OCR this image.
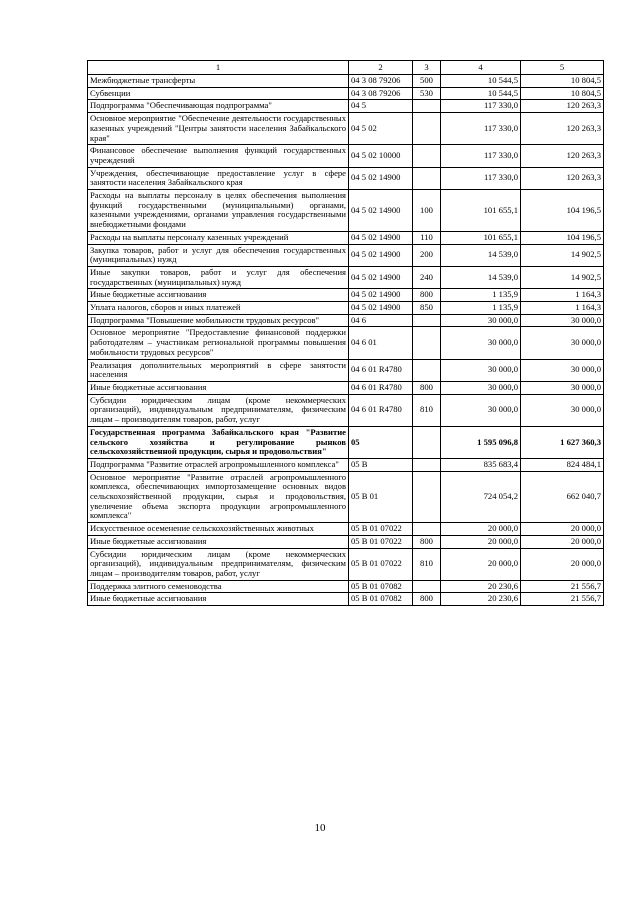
1	2	3	4	5
Межбюджетные трансферты	04 3 08 79206	500	10 544,5	10 804,5
Субвенции	04 3 08 79206	530	10 544,5	10 804,5
Подпрограмма "Обеспечивающая подпрограмма"	04 5		117 330,0	120 263,3
Основное мероприятие "Обеспечение деятельности государственных казенных учреждений "Центры занятости населения Забайкальского края"	04 5 02		117 330,0	120 263,3
Финансовое обеспечение выполнения функций государственных учреждений	04 5 02 10000		117 330,0	120 263,3
Учреждения, обеспечивающие предоставление услуг в сфере занятости населения Забайкальского края	04 5 02 14900		117 330,0	120 263,3
Расходы на выплаты персоналу в целях обеспечения выполнения функций государственными (муниципальными) органами, казенными учреждениями, органами управления государственными внебюджетными фондами	04 5 02 14900	100	101 655,1	104 196,5
Расходы на выплаты персоналу казенных учреждений	04 5 02 14900	110	101 655,1	104 196,5
Закупка товаров, работ и услуг для обеспечения государственных (муниципальных) нужд	04 5 02 14900	200	14 539,0	14 902,5
Иные закупки товаров, работ и услуг для обеспечения государственных (муниципальных) нужд	04 5 02 14900	240	14 539,0	14 902,5
Иные бюджетные ассигнования	04 5 02 14900	800	1 135,9	1 164,3
Уплата налогов, сборов и иных платежей	04 5 02 14900	850	1 135,9	1 164,3
Подпрограмма "Повышение мобильности трудовых ресурсов"	04 6		30 000,0	30 000,0
Основное мероприятие "Предоставление финансовой поддержки работодателям – участникам региональной программы повышения мобильности трудовых ресурсов"	04 6 01		30 000,0	30 000,0
Реализация дополнительных мероприятий в сфере занятости населения	04 6 01 R4780		30 000,0	30 000,0
Иные бюджетные ассигнования	04 6 01 R4780	800	30 000,0	30 000,0
Субсидии юридическим лицам (кроме некоммерческих организаций), индивидуальным предпринимателям, физическим лицам – производителям товаров, работ, услуг	04 6 01 R4780	810	30 000,0	30 000,0
Государственная программа Забайкальского края "Развитие сельского хозяйства и регулирование рынков сельскохозяйственной продукции, сырья и продовольствия"	05		1 595 096,8	1 627 360,3
Подпрограмма "Развитие отраслей агропромышленного комплекса"	05 В		835 683,4	824 484,1
Основное мероприятие "Развитие отраслей агропромышленного комплекса, обеспечивающих импортозамещение основных видов сельскохозяйственной продукции, сырья и продовольствия, увеличение объема экспорта продукции агропромышленного комплекса"	05 В 01		724 054,2	662 040,7
Искусственное осеменение сельскохозяйственных животных	05 В 01 07022		20 000,0	20 000,0
Иные бюджетные ассигнования	05 В 01 07022	800	20 000,0	20 000,0
Субсидии юридическим лицам (кроме некоммерческих организаций), индивидуальным предпринимателям, физическим лицам – производителям товаров, работ, услуг	05 В 01 07022	810	20 000,0	20 000,0
Поддержка элитного семеноводства	05 В 01 07082		20 230,6	21 556,7
Иные бюджетные ассигнования	05 В 01 07082	800	20 230,6	21 556,7
10
